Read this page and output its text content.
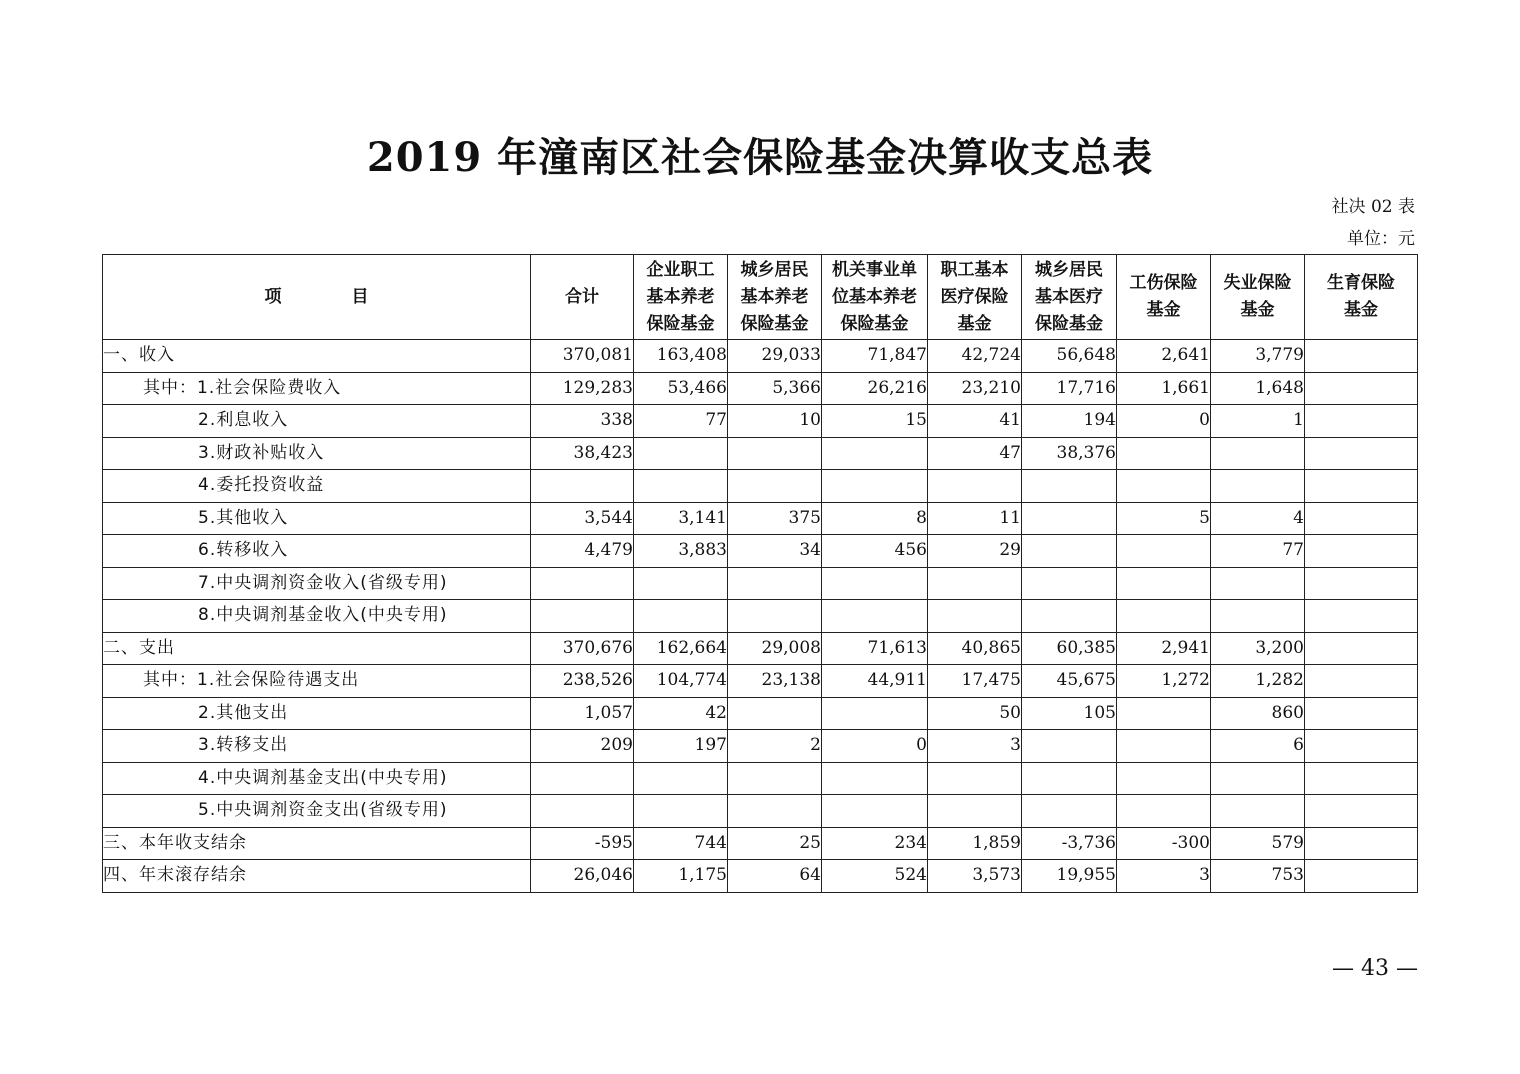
2019 年潼南区社会保险基金决算收支总表
社决 02 表
单位：元
项 目	合计	企业职工
基本养老
保险基金	城乡居民
基本养老
保险基金	机关事业单
位基本养老
保险基金	职工基本
医疗保险
基金	城乡居民
基本医疗
保险基金	工伤保险
基金	失业保险
基金	生育保险
基金

一、收入	370,081	163,408	29,033	71,847	42,724	56,648	2,641	3,779	
其中：1.社会保险费收入	129,283	53,466	5,366	26,216	23,210	17,716	1,661	1,648	
2.利息收入	338	77	10	15	41	194	0	1	
3.财政补贴收入	38,423				47	38,376			
4.委托投资收益									
5.其他收入	3,544	3,141	375	8	11		5	4	
6.转移收入	4,479	3,883	34	456	29			77	
7.中央调剂资金收入(省级专用)									
8.中央调剂基金收入(中央专用)									
二、支出	370,676	162,664	29,008	71,613	40,865	60,385	2,941	3,200	
其中：1.社会保险待遇支出	238,526	104,774	23,138	44,911	17,475	45,675	1,272	1,282	
2.其他支出	1,057	42			50	105		860	
3.转移支出	209	197	2	0	3			6	
4.中央调剂基金支出(中央专用)									
5.中央调剂资金支出(省级专用)									
三、本年收支结余	-595	744	25	234	1,859	-3,736	-300	579	
四、年末滚存结余	26,046	1,175	64	524	3,573	19,955	3	753	
— 43 —
